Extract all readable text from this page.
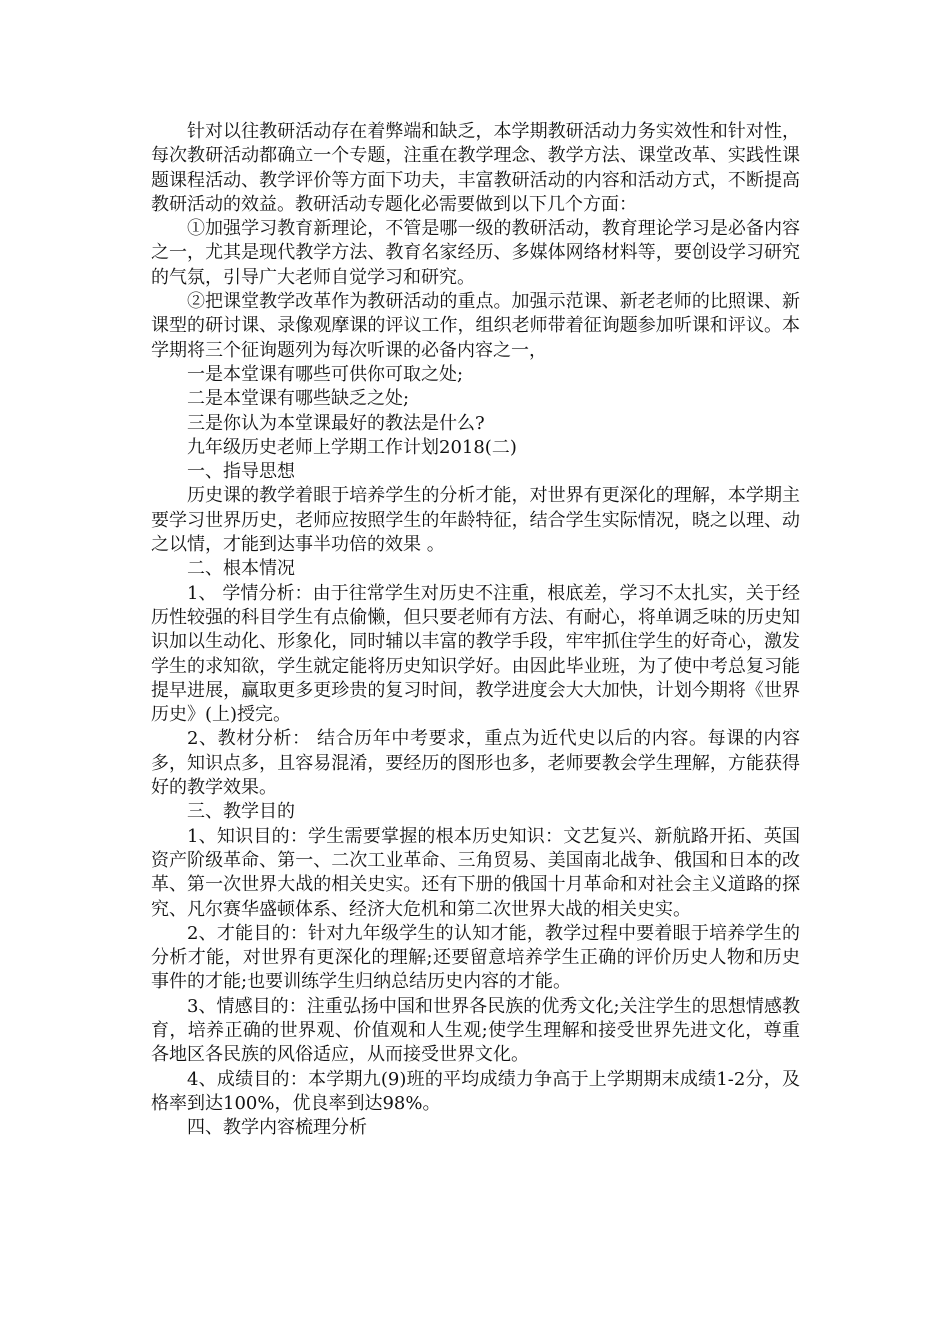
针对以往教研活动存在着弊端和缺乏，本学期教研活动力务实效性和针对性，每次教研活动都确立一个专题，注重在教学理念、教学方法、课堂改革、实践性课题课程活动、教学评价等方面下功夫，丰富教研活动的内容和活动方式，不断提高教研活动的效益。教研活动专题化必需要做到以下几个方面：

①加强学习教育新理论，不管是哪一级的教研活动，教育理论学习是必备内容之一，尤其是现代教学方法、教育名家经历、多媒体网络材料等，要创设学习研究的气氛，引导广大老师自觉学习和研究。

②把课堂教学改革作为教研活动的重点。加强示范课、新老老师的比照课、新课型的研讨课、录像观摩课的评议工作，组织老师带着征询题参加听课和评议。本学期将三个征询题列为每次听课的必备内容之一，

一是本堂课有哪些可供你可取之处;

二是本堂课有哪些缺乏之处;

三是你认为本堂课最好的教法是什么?

九年级历史老师上学期工作计划2018(二)

一、指导思想

历史课的教学着眼于培养学生的分析才能，对世界有更深化的理解，本学期主要学习世界历史，老师应按照学生的年龄特征，结合学生实际情况，晓之以理、动之以情，才能到达事半功倍的效果 。

二、根本情况

1、 学情分析：由于往常学生对历史不注重，根底差，学习不太扎实，关于经历性较强的科目学生有点偷懒，但只要老师有方法、有耐心，将单调乏味的历史知识加以生动化、形象化，同时辅以丰富的教学手段，牢牢抓住学生的好奇心，激发学生的求知欲，学生就定能将历史知识学好。由因此毕业班，为了使中考总复习能提早进展，赢取更多更珍贵的复习时间，教学进度会大大加快，计划今期将《世界历史》(上)授完。

2、教材分析： 结合历年中考要求，重点为近代史以后的内容。每课的内容多，知识点多，且容易混淆，要经历的图形也多，老师要教会学生理解，方能获得好的教学效果。

三、教学目的

1、知识目的：学生需要掌握的根本历史知识：文艺复兴、新航路开拓、英国资产阶级革命、第一、二次工业革命、三角贸易、美国南北战争、俄国和日本的改革、第一次世界大战的相关史实。还有下册的俄国十月革命和对社会主义道路的探究、凡尔赛华盛顿体系、经济大危机和第二次世界大战的相关史实。

2、才能目的：针对九年级学生的认知才能，教学过程中要着眼于培养学生的分析才能，对世界有更深化的理解;还要留意培养学生正确的评价历史人物和历史事件的才能;也要训练学生归纳总结历史内容的才能。

3、情感目的：注重弘扬中国和世界各民族的优秀文化;关注学生的思想情感教育，培养正确的世界观、价值观和人生观;使学生理解和接受世界先进文化，尊重各地区各民族的风俗适应，从而接受世界文化。

4、成绩目的：本学期九(9)班的平均成绩力争高于上学期期末成绩1-2分，及格率到达100%，优良率到达98%。

四、教学内容梳理分析
